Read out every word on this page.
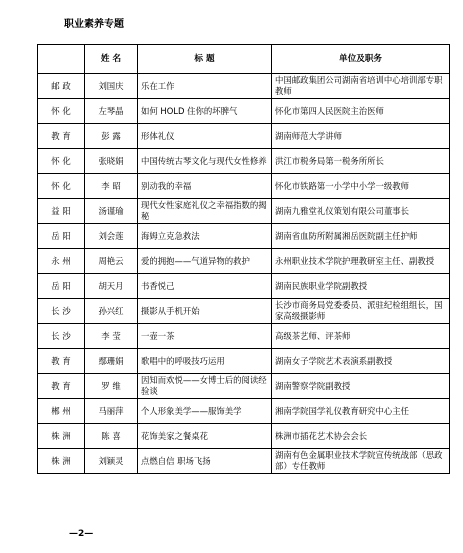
职业素养专题
	姓 名	标 题	单位及职务
邮 政	刘国庆	乐在工作	中国邮政集团公司湖南省培训中心培训部专职教师
怀 化	左琴晶	如何 HOLD 住你的坏脾气	怀化市第四人民医院主治医师
教 育	彭 露	形体礼仪	湖南师范大学讲师
怀 化	张晓娟	中国传统古琴文化与现代女性修养	洪江市税务局第一税务所所长
怀 化	李 昭	别动我的幸福	怀化市铁路第一小学中小学一级教师
益 阳	汤谨瑜	现代女性家庭礼仪之幸福指数的揭秘	湖南九雅堂礼仪策划有限公司董事长
岳 阳	刘会莲	海姆立克急救法	湖南省血防所附属湘岳医院副主任护师
永 州	周艳云	爱的拥抱——气道异物的救护	永州职业技术学院护理教研室主任、副教授
岳 阳	胡天月	书香悦己	湖南民族职业学院副教授
长 沙	孙兴红	摄影从手机开始	长沙市商务局党委委员、派驻纪检组组长，国家高级摄影师
长 沙	李 莹	一壶一茶	高级茶艺师、评茶师
教 育	鄢珊娟	歌唱中的呼吸技巧运用	湖南女子学院艺术表演系副教授
教 育	罗 维	因知而欢悦——女博士后的阅读经验谈	湖南警察学院副教授
郴 州	马丽萍	个人形象美学——服饰美学	湘南学院国学礼仪教育研究中心主任
株 洲	陈 喜	花饰美家之餐桌花	株洲市插花艺术协会会长
株 洲	刘颖灵	点燃自信 职场飞扬	湖南有色金属职业技术学院宣传统战部（思政部）专任教师
—2—
